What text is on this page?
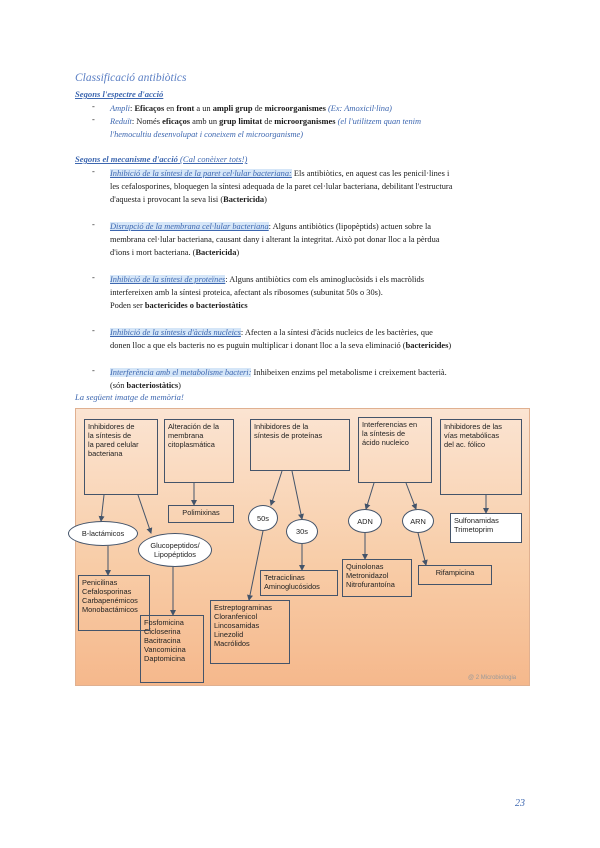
Classificació antibiòtics
Segons l'espectre d'acció
- Ampli: Eficaços en front a un ampli grup de microorganismes (Ex: Amoxicil·lina)
- Reduït: Només eficaços amb un grup limitat de microorganismes (el l'utilitzem quan tenim
l'hemocultiu desenvolupat i coneixem el microorganisme)
Segons el mecanisme d'acció (Cal conèixer tots!)
- Inhibició de la síntesi de la paret cel·lular bacteriana: Els antibiòtics, en aquest cas les penicil·lines i
les cefalosporines, bloquegen la síntesi adequada de la paret cel·lular bacteriana, debilitant l'estructura
d'aquesta i provocant la seva lisi (Bactericida)
- Disrupció de la membrana cel·lular bacteriana: Alguns antibiòtics (lipopèptids) actuen sobre la
membrana cel·lular bacteriana, causant dany i alterant la integritat. Això pot donar lloc a la pèrdua
d'ions i mort bacteriana. (Bactericida)
- Inhibició de la síntesi de proteïnes: Alguns antibiòtics com els aminoglucòsids i els macròlids
interfereixen amb la síntesi proteica, afectant als ribosomes (subunitat 50s o 30s).
Poden ser bactericides o bacteriostàtics
- Inhibició de la síntesis d'àcids nucleics: Afecten a la síntesi d'àcids nucleics de les bactèries, que
donen lloc a que els bacteris no es puguin multiplicar i donant lloc a la seva eliminació (bactericides)
- Interferència amb el metabolisme bacteri: Inhibeixen enzims pel metabolisme i creixement bacterià.
(són bacteriostàtics)
La següent imatge de memòria!
Inhibidores de
la síntesis de
la pared celular
bacteriana
Alteración de la
membrana
citoplasmática
Inhibidores de la
síntesis de proteínas
Interferencias en
la síntesis de
ácido nucleico
Inhibidores de las
vías metabólicas
del ac. fólico
Polimixinas
B-lactámicos
Glucopeptidos/
Lipopéptidos
50s
30s
ADN	ARN	Sulfonamidas
Trimetoprim
Penicilinas
Cefalosporinas
Carbapenémicos
Monobactámicos
Fosfomicina
Cicloserina
Bacitracina
Vancomicina
Daptomicina
Estreptograminas
Cloranfenicol
Lincosamidas
Linezolid
Macrólidos
Tetraciclinas
Aminoglucósidos
Quinolonas
Metronidazol
Nitrofurantoína
Rifampicina
@ 2 Microbiologia
23
